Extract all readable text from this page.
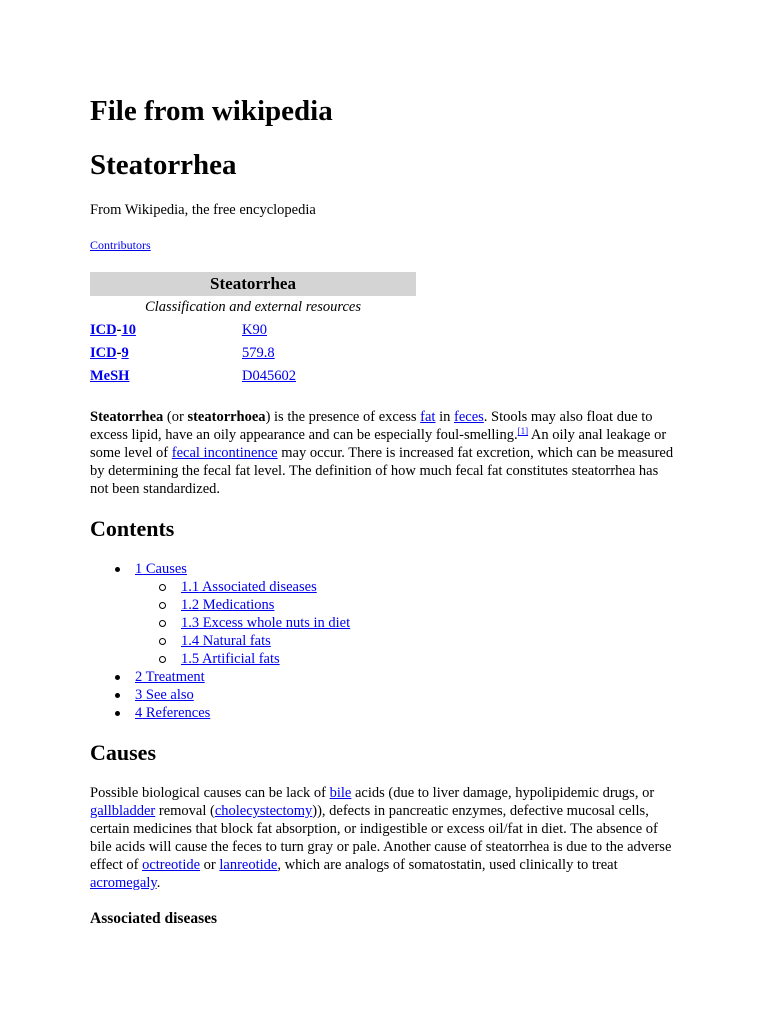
File from wikipedia
Steatorrhea
From Wikipedia, the free encyclopedia
Contributors
Steatorrhea
Classification and external resources
ICD-10	K90
ICD-9	579.8
MeSH	D045602
Steatorrhea (or steatorrhoea) is the presence of excess fat in feces. Stools may also float due to excess lipid, have an oily appearance and can be especially foul-smelling.[1] An oily anal leakage or some level of fecal incontinence may occur. There is increased fat excretion, which can be measured by determining the fecal fat level. The definition of how much fecal fat constitutes steatorrhea has not been standardized.
Contents
1 Causes
1.1 Associated diseases
1.2 Medications
1.3 Excess whole nuts in diet
1.4 Natural fats
1.5 Artificial fats
2 Treatment
3 See also
4 References
Causes
Possible biological causes can be lack of bile acids (due to liver damage, hypolipidemic drugs, or gallbladder removal (cholecystectomy)), defects in pancreatic enzymes, defective mucosal cells, certain medicines that block fat absorption, or indigestible or excess oil/fat in diet. The absence of bile acids will cause the feces to turn gray or pale. Another cause of steatorrhea is due to the adverse effect of octreotide or lanreotide, which are analogs of somatostatin, used clinically to treat acromegaly.
Associated diseases
